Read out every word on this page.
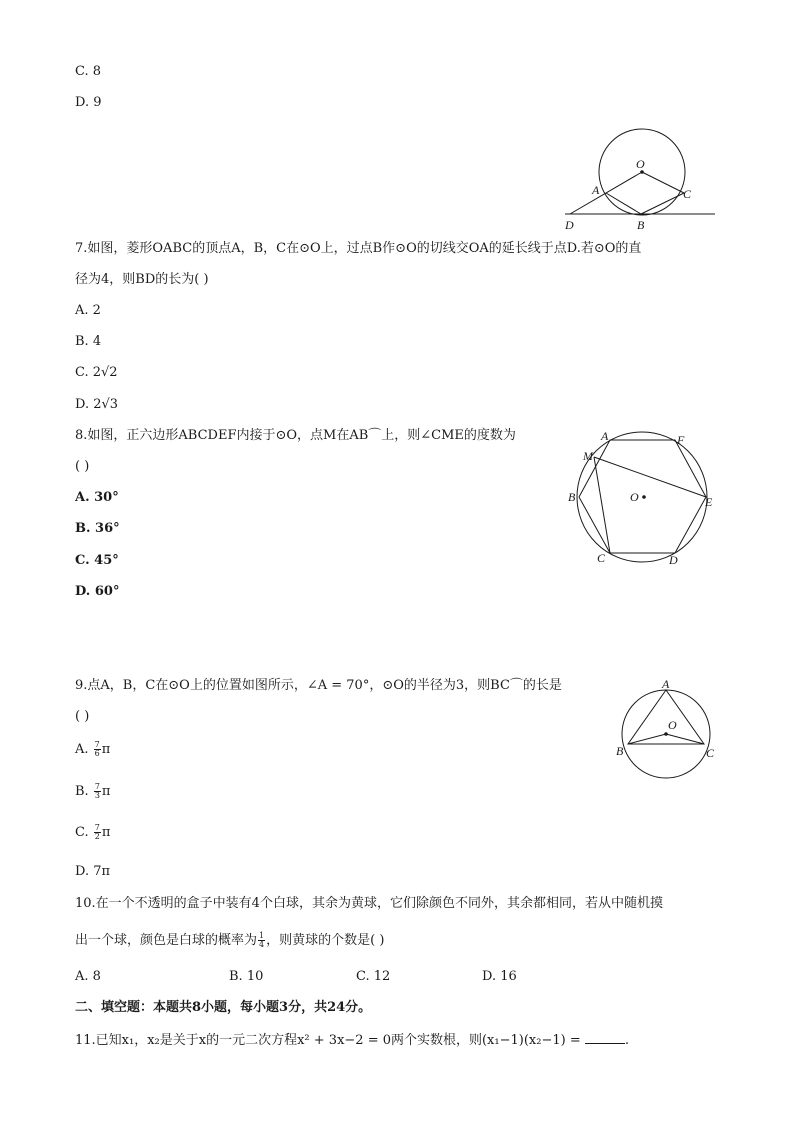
C. 8
D. 9
O
A	C
D	B
7.如图，菱形OABC的顶点A，B，C在⊙O上，过点B作⊙O的切线交OA的延长线于点D.若⊙O的直
径为4，则BD的长为( )
A. 2
B. 4
C. 2√2
D. 2√3
8.如图，正六边形ABCDEF内接于⊙O，点M在AB⌒上，则∠CME的度数为
( )
A. 30°
B. 36°
C. 45°
D. 60°
A	F
M
B	O	E
C	D
9.点A，B，C在⊙O上的位置如图所示，∠A = 70°，⊙O的半径为3，则BC⌒的长是
( )
A. $\frac{7}{6}$ π
B. $\frac{7}{3}$ π
C. $\frac{7}{2}$ π
D. 7π
A
O
B	C
10.在一个不透明的盒子中装有4个白球，其余为黄球，它们除颜色不同外，其余都相同，若从中随机摸
出一个球，颜色是白球的概率为 $\frac{1}{4}$ ，则黄球的个数是( )
A. 8	B. 10	C. 12	D. 16
二、填空题：本题共8小题，每小题3分，共24分。
11.已知x₁，x₂是关于x的一元二次方程x² + 3x−2 = 0两个实数根，则(x₁−1)(x₂−1) =	.
